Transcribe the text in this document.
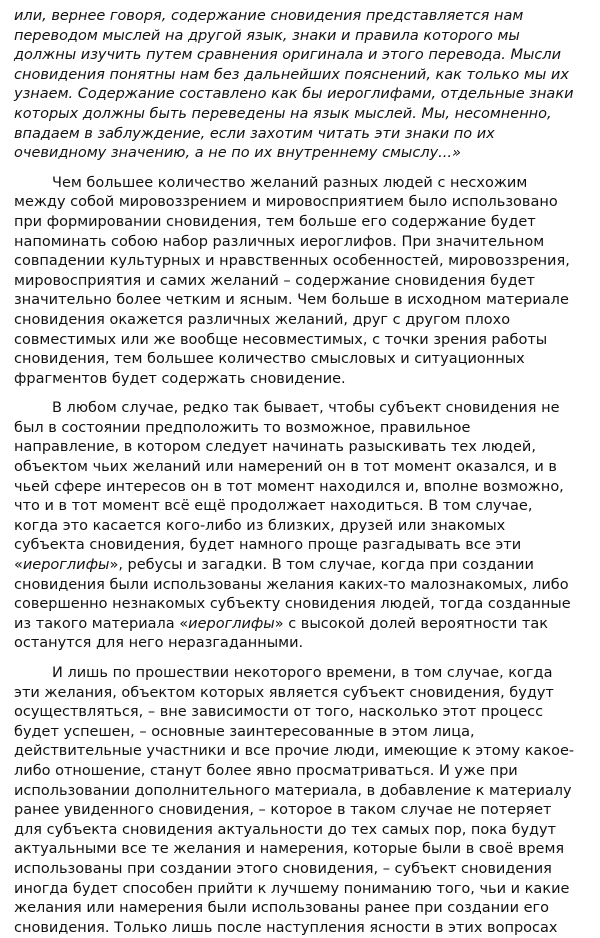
или, вернее говоря, содержание сновидения представляется нам переводом мыслей на другой язык, знаки и правила которого мы должны изучить путем сравнения оригинала и этого перевода. Мысли сновидения понятны нам без дальнейших пояснений, как только мы их узнаем. Содержание составлено как бы иероглифами, отдельные знаки которых должны быть переведены на язык мыслей. Мы, несомненно, впадаем в заблуждение, если захотим читать эти знаки по их очевидному значению, а не по их внутреннему смыслу...»

Чем большее количество желаний разных людей с несхожим между собой мировоззрением и мировосприятием было использовано при формировании сновидения, тем больше его содержание будет напоминать собою набор различных иероглифов. При значительном совпадении культурных и нравственных особенностей, мировоззрения, мировосприятия и самих желаний – содержание сновидения будет значительно более четким и ясным. Чем больше в исходном материале сновидения окажется различных желаний, друг с другом плохо совместимых или же вообще несовместимых, с точки зрения работы сновидения, тем большее количество смысловых и ситуационных фрагментов будет содержать сновидение.

В любом случае, редко так бывает, чтобы субъект сновидения не был в состоянии предположить то возможное, правильное направление, в котором следует начинать разыскивать тех людей, объектом чьих желаний или намерений он в тот момент оказался, и в чьей сфере интересов он в тот момент находился и, вполне возможно, что и в тот момент всё ещё продолжает находиться. В том случае, когда это касается кого-либо из близких, друзей или знакомых субъекта сновидения, будет намного проще разгадывать все эти «иероглифы», ребусы и загадки. В том случае, когда при создании сновидения были использованы желания каких-то малознакомых, либо совершенно незнакомых субъекту сновидения людей, тогда созданные из такого материала «иероглифы» с высокой долей вероятности так останутся для него неразгаданными.

И лишь по прошествии некоторого времени, в том случае, когда эти желания, объектом которых является субъект сновидения, будут осуществляться, – вне зависимости от того, насколько этот процесс будет успешен, – основные заинтересованные в этом лица, действительные участники и все прочие люди, имеющие к этому какое-либо отношение, станут более явно просматриваться. И уже при использовании дополнительного материала, в добавление к материалу ранее увиденного сновидения, – которое в таком случае не потеряет для субъекта сновидения актуальности до тех самых пор, пока будут актуальными все те желания и намерения, которые были в своё время использованы при создании этого сновидения, – субъект сновидения иногда будет способен прийти к лучшему пониманию того, чьи и какие желания или намерения были использованы ранее при создании его сновидения. Только лишь после наступления ясности в этих вопросах
